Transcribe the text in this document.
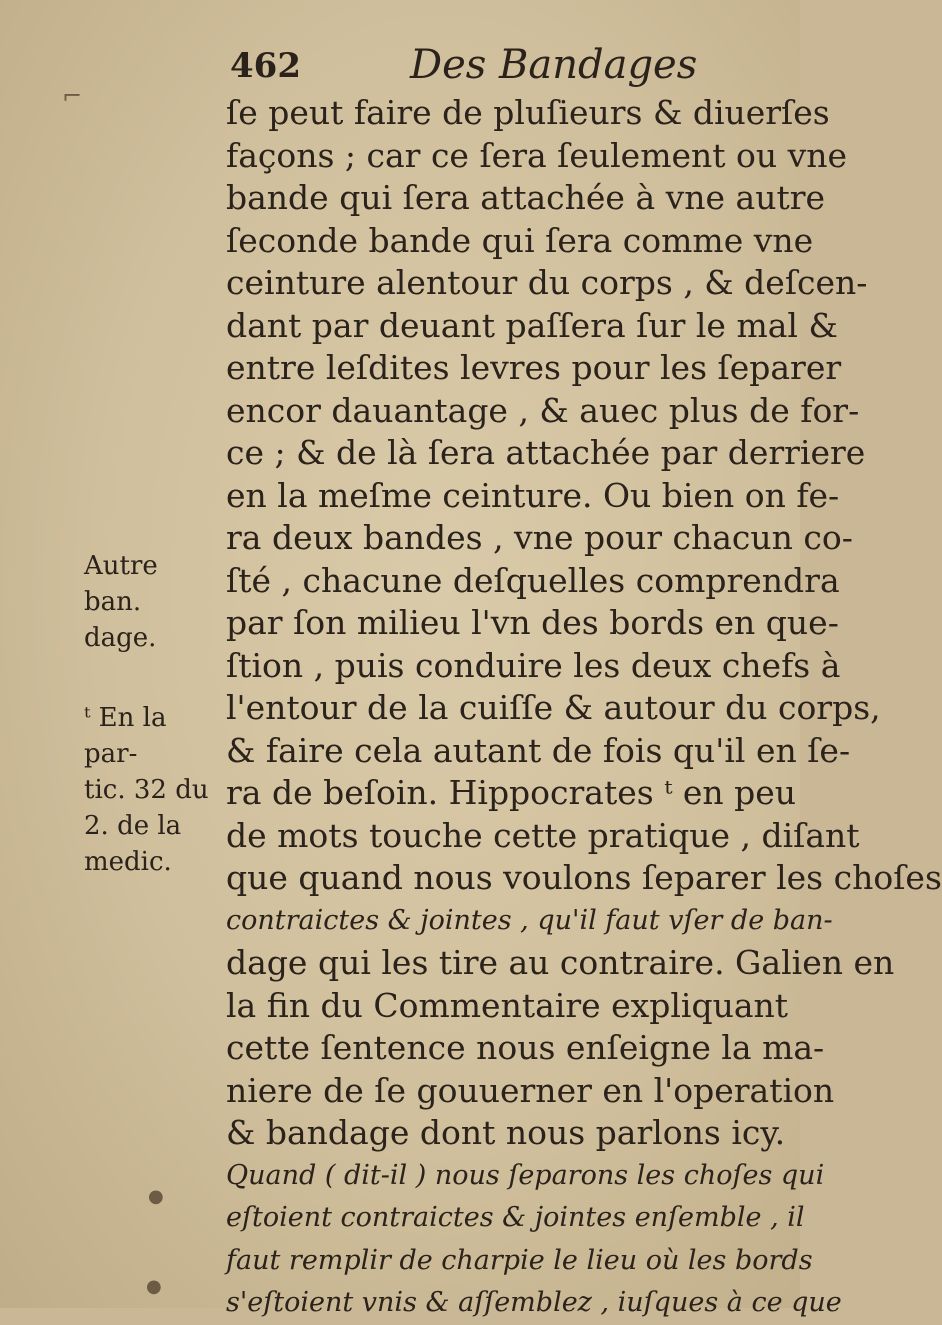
462	Des Bandages
ſe peut faire de pluſieurs & diuerſes
façons ; car ce ſera ſeulement ou vne
bande qui ſera attachée à vne autre
ſeconde bande qui ſera comme vne
ceinture alentour du corps , & deſcen-
dant par deuant paſſera ſur le mal &
entre leſdites levres pour les ſeparer
encor dauantage , & auec plus de for-
ce ; & de là ſera attachée par derriere
en la meſme ceinture. Ou bien on fe-
ra deux bandes , vne pour chacun co-
ſté , chacune deſquelles comprendra
par ſon milieu l'vn des bords en que-
ſtion , puis conduire les deux chefs à
l'entour de la cuiſſe & autour du corps,
& faire cela autant de fois qu'il en ſe-
ra de beſoin. Hippocrates ᵗ en peu
de mots touche cette pratique , diſant
que quand nous voulons ſeparer les choſes
contraictes & jointes , qu'il faut vſer de ban-
dage qui les tire au contraire. Galien en
la fin du Commentaire expliquant
cette ſentence nous enſeigne la ma-
niere de ſe gouuerner en l'operation
& bandage dont nous parlons icy.
Quand ( dit-il ) nous ſeparons les choſes qui
eſtoient contraictes & jointes enſemble , il
faut remplir de charpie le lieu où les bords
s'eſtoient vnis & aſſemblez , iuſques à ce que
Autre ban.
dage.
ᵗ En la par-
tic. 32 du
2. de la
medic.
⌐
●
●
